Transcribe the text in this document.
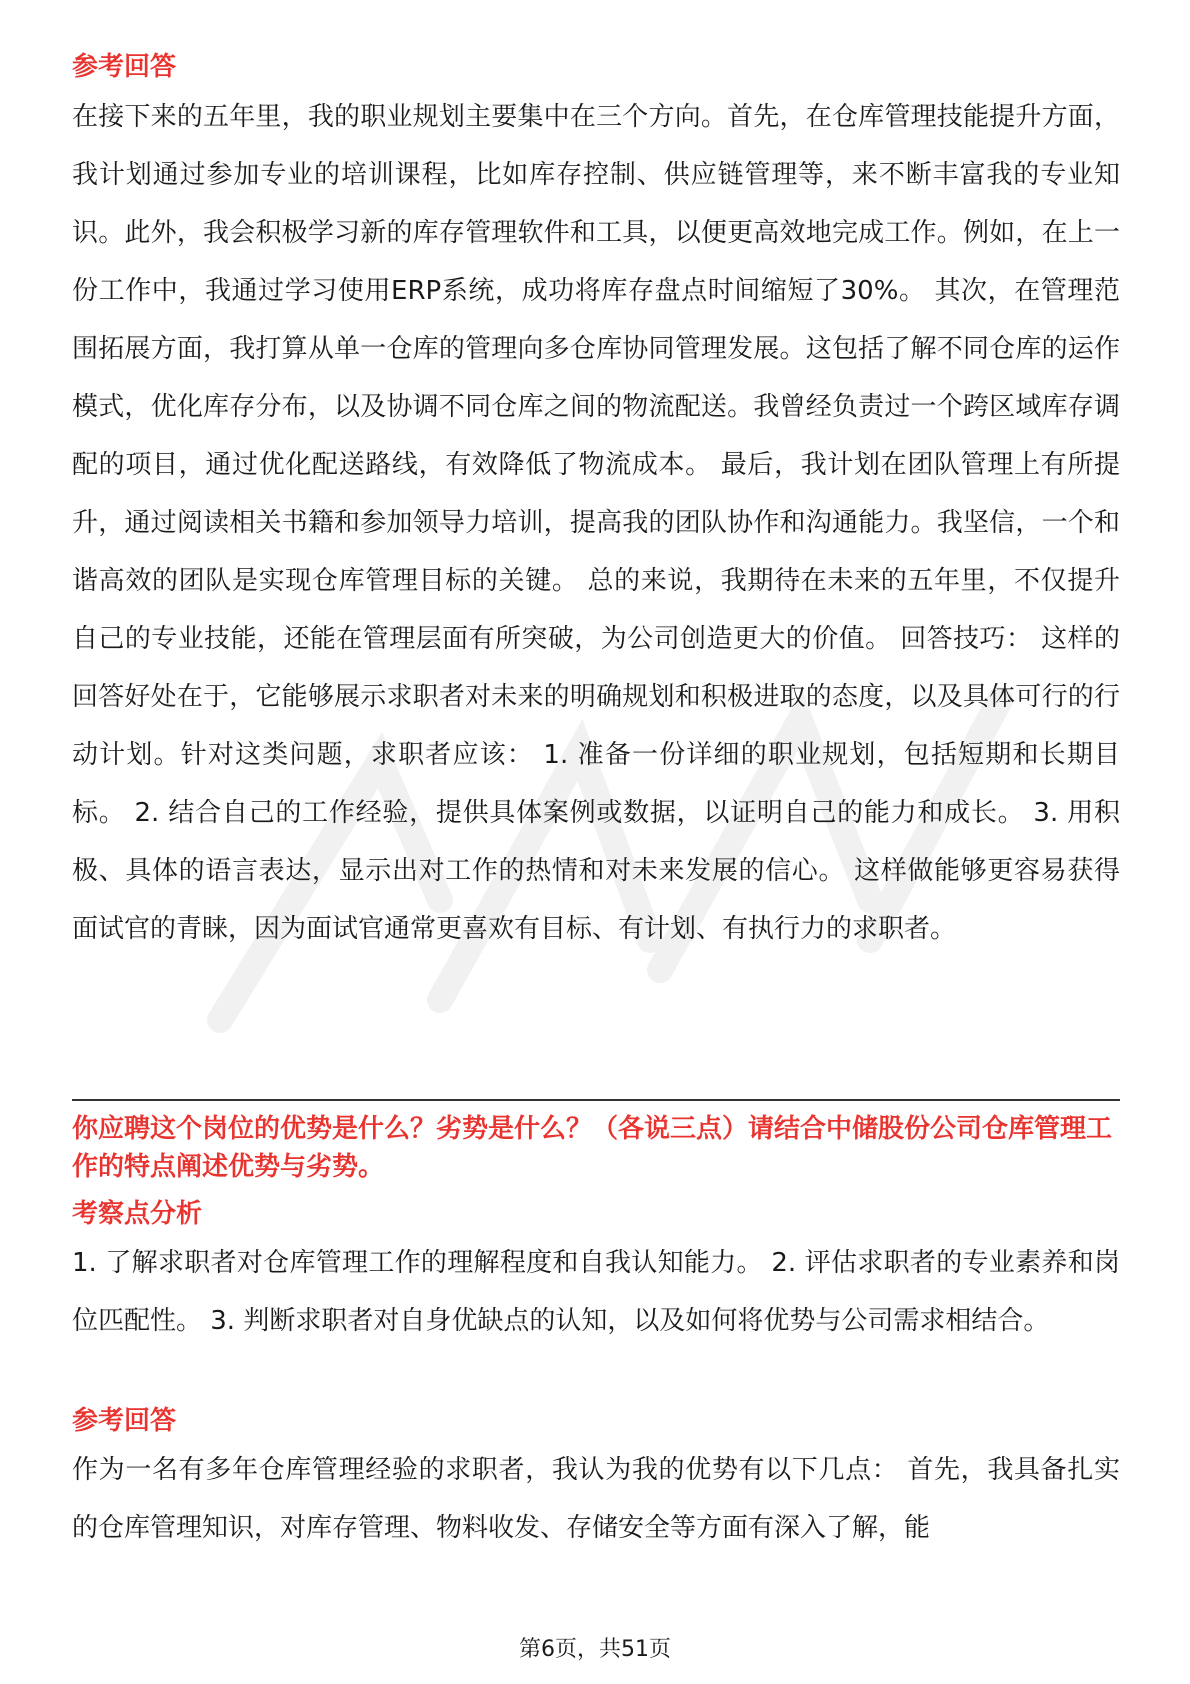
参考回答

在接下来的五年里，我的职业规划主要集中在三个方向。首先，在仓库管理技能提升方面，我计划通过参加专业的培训课程，比如库存控制、供应链管理等，来不断丰富我的专业知识。此外，我会积极学习新的库存管理软件和工具，以便更高效地完成工作。例如，在上一份工作中，我通过学习使用ERP系统，成功将库存盘点时间缩短了30%。 其次，在管理范围拓展方面，我打算从单一仓库的管理向多仓库协同管理发展。这包括了解不同仓库的运作模式，优化库存分布，以及协调不同仓库之间的物流配送。我曾经负责过一个跨区域库存调配的项目，通过优化配送路线，有效降低了物流成本。 最后，我计划在团队管理上有所提升，通过阅读相关书籍和参加领导力培训，提高我的团队协作和沟通能力。我坚信，一个和谐高效的团队是实现仓库管理目标的关键。 总的来说，我期待在未来的五年里，不仅提升自己的专业技能，还能在管理层面有所突破，为公司创造更大的价值。 回答技巧： 这样的回答好处在于，它能够展示求职者对未来的明确规划和积极进取的态度，以及具体可行的行动计划。针对这类问题，求职者应该： 1. 准备一份详细的职业规划，包括短期和长期目标。 2. 结合自己的工作经验，提供具体案例或数据，以证明自己的能力和成长。 3. 用积极、具体的语言表达，显示出对工作的热情和对未来发展的信心。 这样做能够更容易获得面试官的青睐，因为面试官通常更喜欢有目标、有计划、有执行力的求职者。

你应聘这个岗位的优势是什么？劣势是什么？（各说三点）请结合中储股份公司仓库管理工作的特点阐述优势与劣势。

考察点分析

1. 了解求职者对仓库管理工作的理解程度和自我认知能力。 2. 评估求职者的专业素养和岗位匹配性。 3. 判断求职者对自身优缺点的认知，以及如何将优势与公司需求相结合。

参考回答

作为一名有多年仓库管理经验的求职者，我认为我的优势有以下几点： 首先，我具备扎实的仓库管理知识，对库存管理、物料收发、存储安全等方面有深入了解，能

第6页，共51页
